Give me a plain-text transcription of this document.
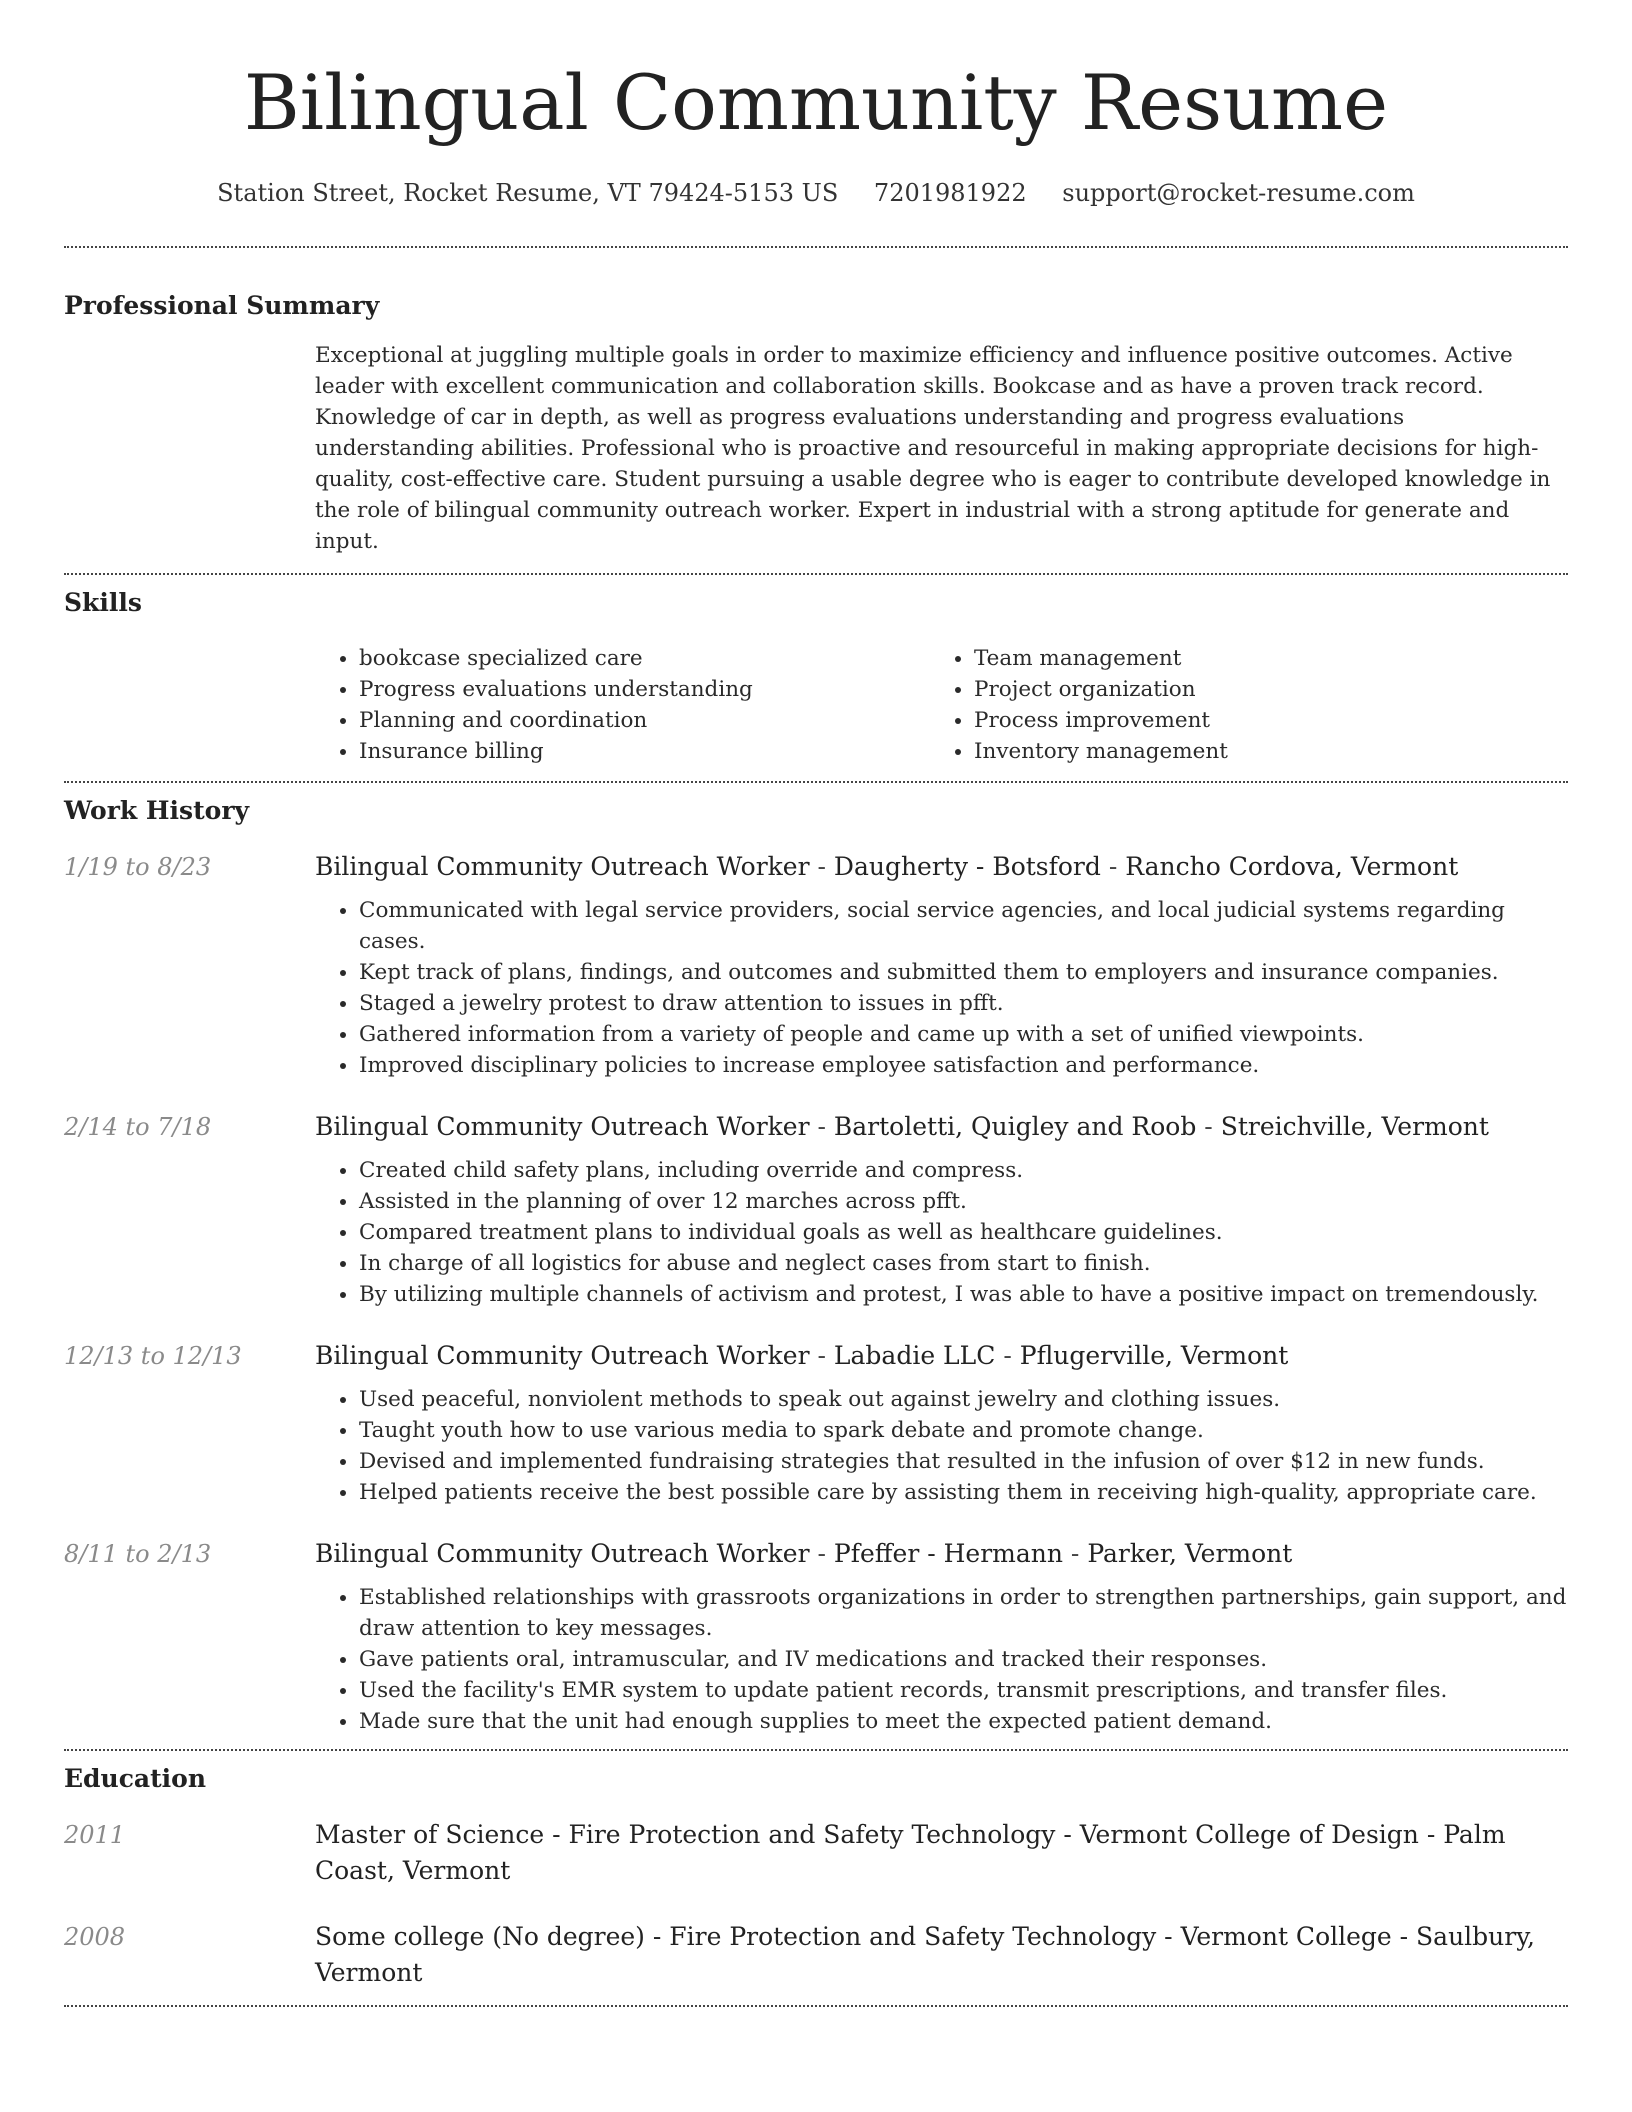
Bilingual Community Resume
Station Street, Rocket Resume, VT 79424-5153 US 7201981922 support@rocket-resume.com
Professional Summary
Exceptional at juggling multiple goals in order to maximize efficiency and influence positive outcomes. Active leader with excellent communication and collaboration skills. Bookcase and as have a proven track record. Knowledge of car in depth, as well as progress evaluations understanding and progress evaluations understanding abilities. Professional who is proactive and resourceful in making appropriate decisions for high-quality, cost-effective care. Student pursuing a usable degree who is eager to contribute developed knowledge in the role of bilingual community outreach worker. Expert in industrial with a strong aptitude for generate and input.
Skills
• bookcase specialized care
• Progress evaluations understanding
• Planning and coordination
• Insurance billing
• Team management
• Project organization
• Process improvement
• Inventory management
Work History
1/19 to 8/23	Bilingual Community Outreach Worker - Daugherty - Botsford - Rancho Cordova, Vermont
• Communicated with legal service providers, social service agencies, and local judicial systems regarding cases.
• Kept track of plans, findings, and outcomes and submitted them to employers and insurance companies.
• Staged a jewelry protest to draw attention to issues in pfft.
• Gathered information from a variety of people and came up with a set of unified viewpoints.
• Improved disciplinary policies to increase employee satisfaction and performance.
2/14 to 7/18	Bilingual Community Outreach Worker - Bartoletti, Quigley and Roob - Streichville, Vermont
• Created child safety plans, including override and compress.
• Assisted in the planning of over 12 marches across pfft.
• Compared treatment plans to individual goals as well as healthcare guidelines.
• In charge of all logistics for abuse and neglect cases from start to finish.
• By utilizing multiple channels of activism and protest, I was able to have a positive impact on tremendously.
12/13 to 12/13	Bilingual Community Outreach Worker - Labadie LLC - Pflugerville, Vermont
• Used peaceful, nonviolent methods to speak out against jewelry and clothing issues.
• Taught youth how to use various media to spark debate and promote change.
• Devised and implemented fundraising strategies that resulted in the infusion of over $12 in new funds.
• Helped patients receive the best possible care by assisting them in receiving high-quality, appropriate care.
8/11 to 2/13	Bilingual Community Outreach Worker - Pfeffer - Hermann - Parker, Vermont
• Established relationships with grassroots organizations in order to strengthen partnerships, gain support, and draw attention to key messages.
• Gave patients oral, intramuscular, and IV medications and tracked their responses.
• Used the facility's EMR system to update patient records, transmit prescriptions, and transfer files.
• Made sure that the unit had enough supplies to meet the expected patient demand.
Education
2011	Master of Science - Fire Protection and Safety Technology - Vermont College of Design - Palm Coast, Vermont
2008	Some college (No degree) - Fire Protection and Safety Technology - Vermont College - Saulbury, Vermont
